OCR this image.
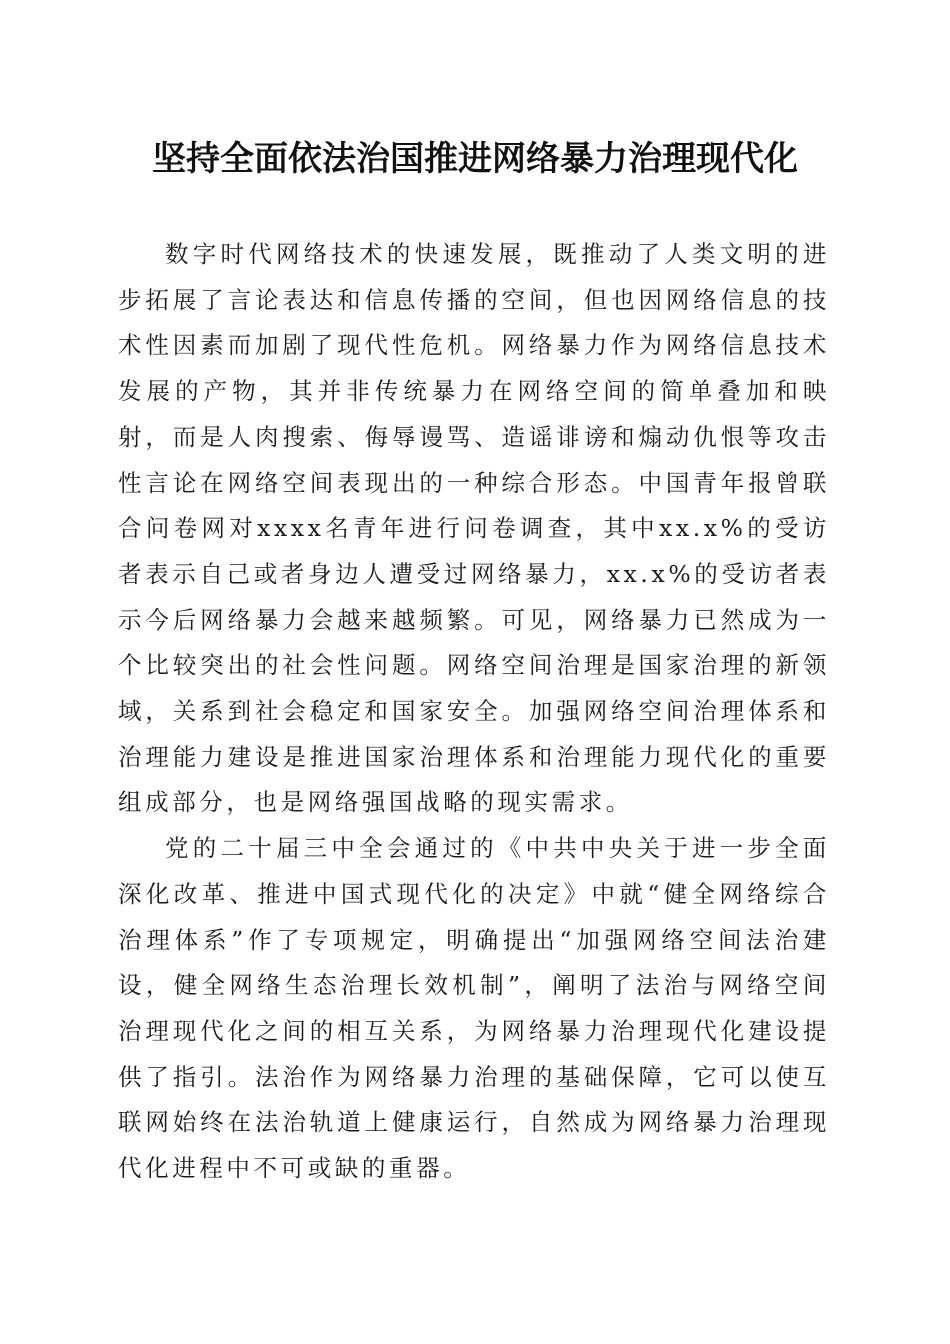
坚持全面依法治国推进网络暴力治理现代化

数字时代网络技术的快速发展，既推动了人类文明的进步拓展了言论表达和信息传播的空间，但也因网络信息的技术性因素而加剧了现代性危机。网络暴力作为网络信息技术发展的产物，其并非传统暴力在网络空间的简单叠加和映射，而是人肉搜索、侮辱谩骂、造谣诽谤和煽动仇恨等攻击性言论在网络空间表现出的一种综合形态。中国青年报曾联合问卷网对xxxx名青年进行问卷调查，其中xx.x%的受访者表示自己或者身边人遭受过网络暴力，xx.x%的受访者表示今后网络暴力会越来越频繁。可见，网络暴力已然成为一个比较突出的社会性问题。网络空间治理是国家治理的新领域，关系到社会稳定和国家安全。加强网络空间治理体系和治理能力建设是推进国家治理体系和治理能力现代化的重要组成部分，也是网络强国战略的现实需求。

党的二十届三中全会通过的《中共中央关于进一步全面深化改革、推进中国式现代化的决定》中就“健全网络综合治理体系”作了专项规定，明确提出“加强网络空间法治建设，健全网络生态治理长效机制”，阐明了法治与网络空间治理现代化之间的相互关系，为网络暴力治理现代化建设提供了指引。法治作为网络暴力治理的基础保障，它可以使互联网始终在法治轨道上健康运行，自然成为网络暴力治理现代化进程中不可或缺的重器。
